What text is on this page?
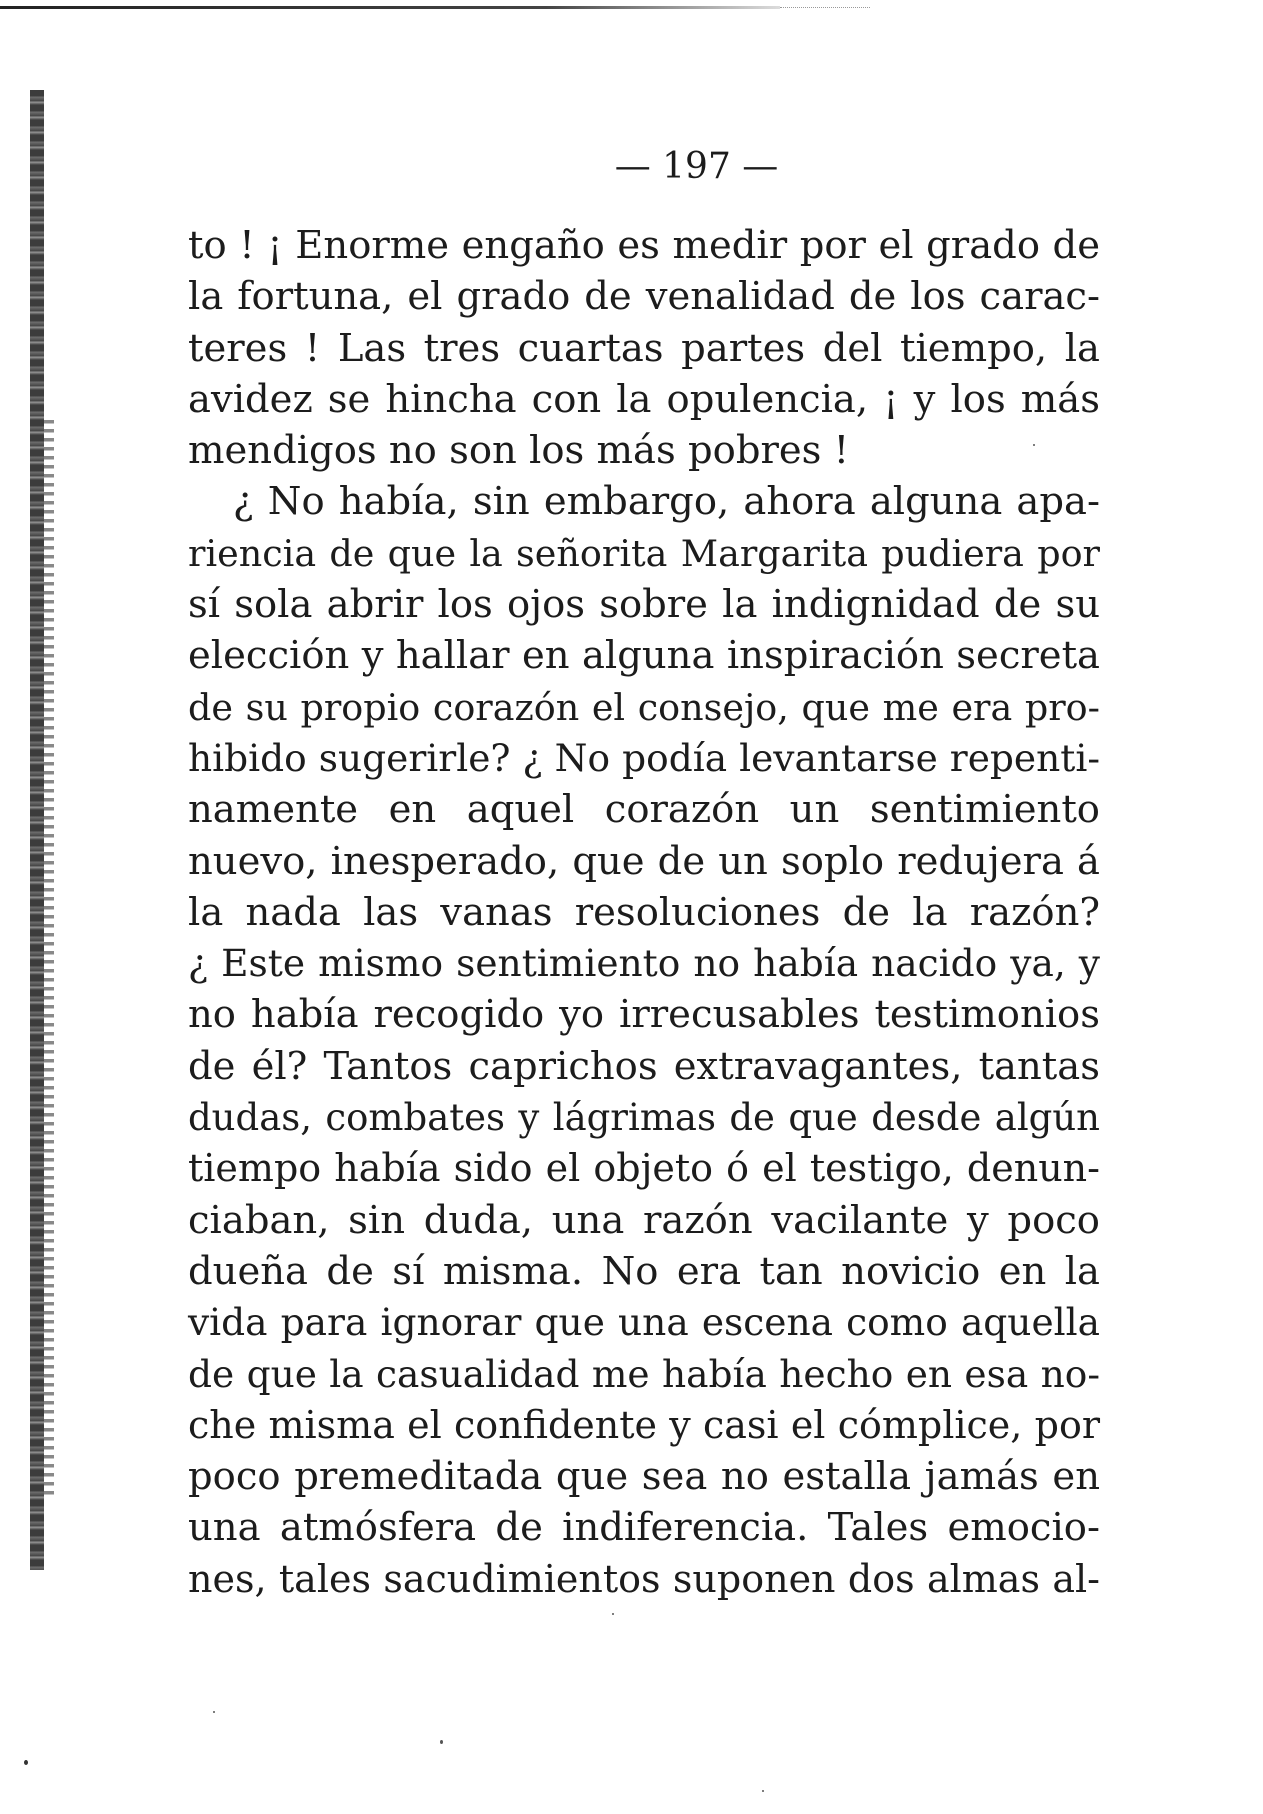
— 197 —
to ! ¡ Enorme engaño es medir por el grado de
la fortuna, el grado de venalidad de los carac-
teres ! Las tres cuartas partes del tiempo, la
avidez se hincha con la opulencia, ¡ y los más
mendigos no son los más pobres !
¿ No había, sin embargo, ahora alguna apa-
riencia de que la señorita Margarita pudiera por
sí sola abrir los ojos sobre la indignidad de su
elección y hallar en alguna inspiración secreta
de su propio corazón el consejo, que me era pro-
hibido sugerirle? ¿ No podía levantarse repenti-
namente en aquel corazón un sentimiento
nuevo, inesperado, que de un soplo redujera á
la nada las vanas resoluciones de la razón?
¿ Este mismo sentimiento no había nacido ya, y
no había recogido yo irrecusables testimonios
de él? Tantos caprichos extravagantes, tantas
dudas, combates y lágrimas de que desde algún
tiempo había sido el objeto ó el testigo, denun-
ciaban, sin duda, una razón vacilante y poco
dueña de sí misma. No era tan novicio en la
vida para ignorar que una escena como aquella
de que la casualidad me había hecho en esa no-
che misma el confidente y casi el cómplice, por
poco premeditada que sea no estalla jamás en
una atmósfera de indiferencia. Tales emocio-
nes, tales sacudimientos suponen dos almas al-
